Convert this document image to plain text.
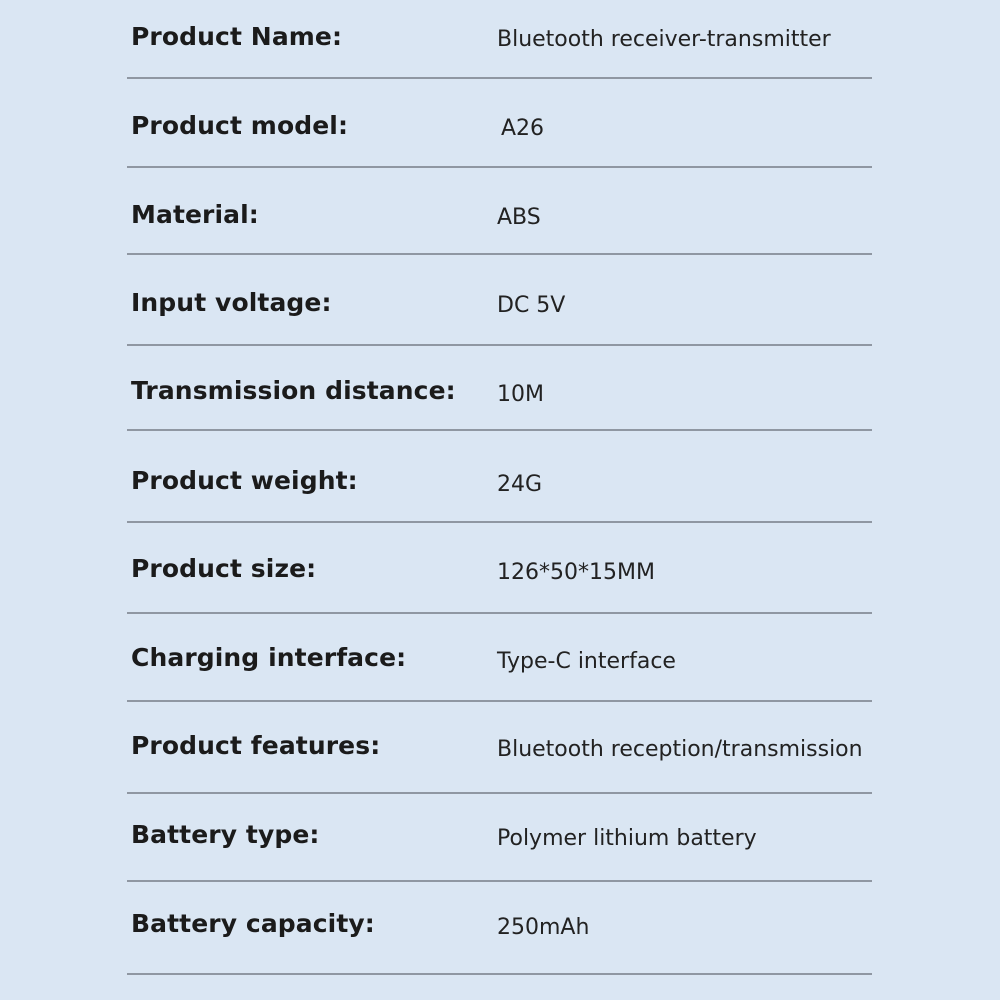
Product Name:	Bluetooth receiver-transmitter
Product model:	A26
Material:	ABS
Input voltage:	DC 5V
Transmission distance: 10M
Product weight:	24G
Product size:	126*50*15MM
Charging interface:	Type-C interface
Product features:	Bluetooth reception/transmission
Battery type:	Polymer lithium battery
Battery capacity:	250mAh
